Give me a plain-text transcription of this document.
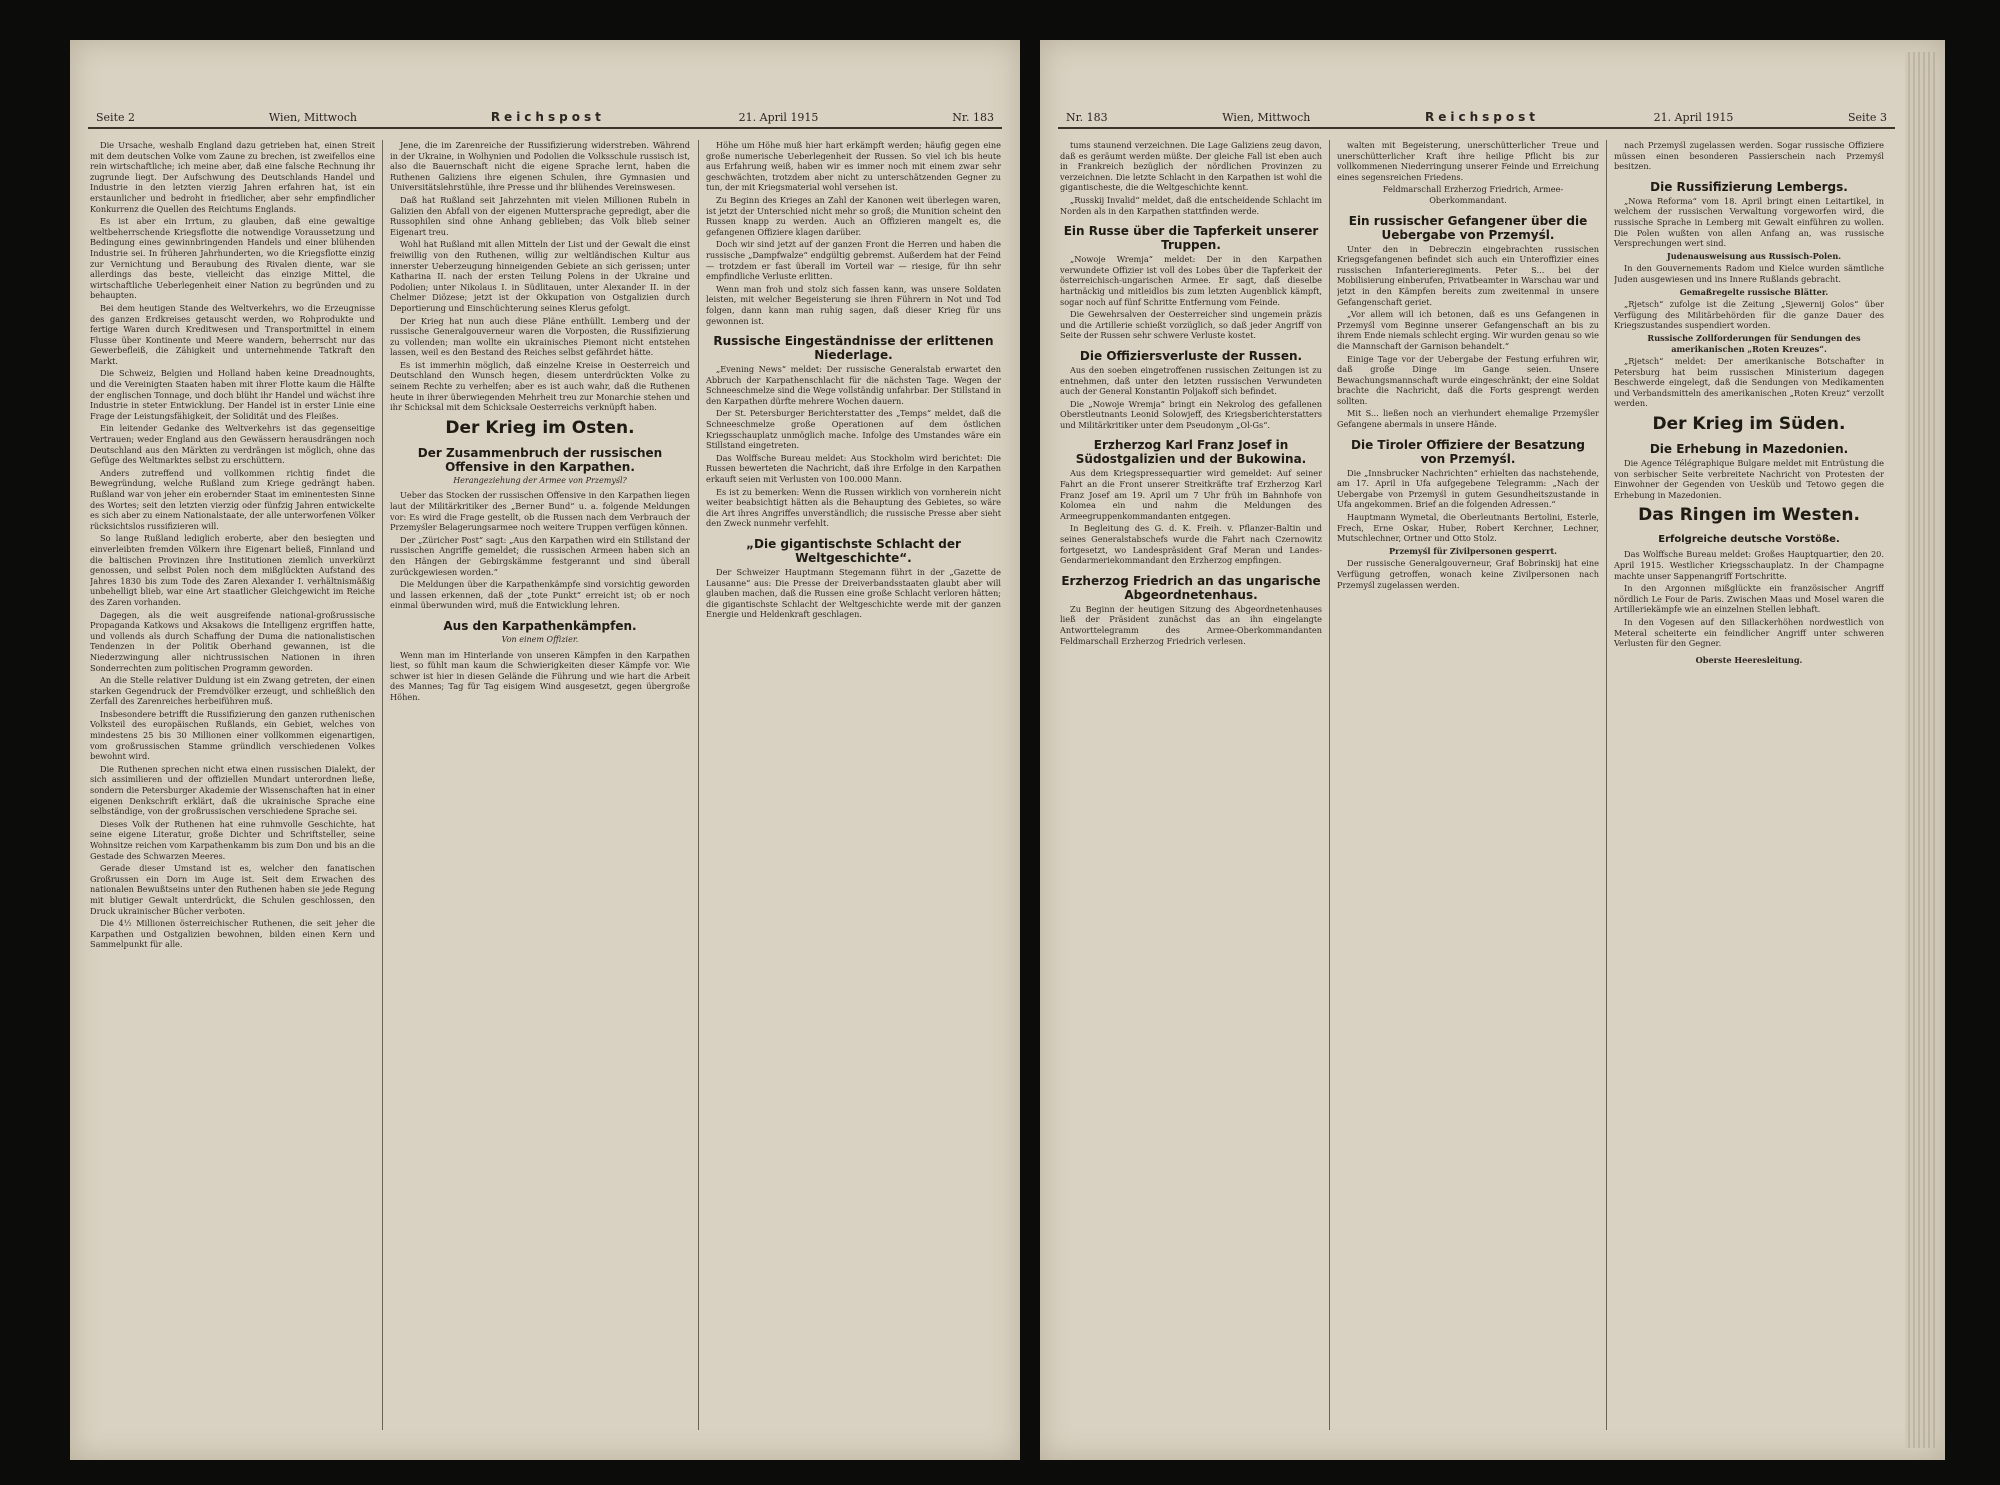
Seite 2	Wien, Mittwoch	Reichspost	21. April 1915	Nr. 183

Die Ursache, weshalb England dazu getrieben hat, einen Streit mit dem deutschen Volke vom Zaune zu brechen, ist zweifellos eine rein wirtschaftliche; ich meine aber, daß eine falsche Rechnung ihr zugrunde liegt. Der Aufschwung des Deutschlands Handel und Industrie in den letzten vierzig Jahren erfahren hat, ist ein erstaunlicher und bedroht in friedlicher, aber sehr empfindlicher Konkurrenz die Quellen des Reichtums Englands.

Es ist aber ein Irrtum, zu glauben, daß eine gewaltige weltbeherrschende Kriegsflotte die notwendige Voraussetzung und Bedingung eines gewinnbringenden Handels und einer blühenden Industrie sei. In früheren Jahrhunderten, wo die Kriegsflotte einzig zur Vernichtung und Beraubung des Rivalen diente, war sie allerdings das beste, vielleicht das einzige Mittel, die wirtschaftliche Ueberlegenheit einer Nation zu begründen und zu behaupten.

Bei dem heutigen Stande des Weltverkehrs, wo die Erzeugnisse des ganzen Erdkreises getauscht werden, wo Rohprodukte und fertige Waren durch Kreditwesen und Transportmittel in einem Flusse über Kontinente und Meere wandern, beherrscht nur das Gewerbefleiß, die Zähigkeit und unternehmende Tatkraft den Markt.

Die Schweiz, Belgien und Holland haben keine Dreadnoughts, und die Vereinigten Staaten haben mit ihrer Flotte kaum die Hälfte der englischen Tonnage, und doch blüht ihr Handel und wächst ihre Industrie in steter Entwicklung. Der Handel ist in erster Linie eine Frage der Leistungsfähigkeit, der Solidität und des Fleißes.

Ein leitender Gedanke des Weltverkehrs ist das gegenseitige Vertrauen; weder England aus den Gewässern herausdrängen noch Deutschland aus den Märkten zu verdrängen ist möglich, ohne das Gefüge des Weltmarktes selbst zu erschüttern.

Anders zutreffend und vollkommen richtig findet die Bewegründung, welche Rußland zum Kriege gedrängt haben. Rußland war von jeher ein erobernder Staat im eminentesten Sinne des Wortes; seit den letzten vierzig oder fünfzig Jahren entwickelte es sich aber zu einem Nationalstaate, der alle unterworfenen Völker rücksichtslos russifizieren will.

So lange Rußland lediglich eroberte, aber den besiegten und einverleibten fremden Völkern ihre Eigenart beließ, Finnland und die baltischen Provinzen ihre Institutionen ziemlich unverkürzt genossen, und selbst Polen noch dem mißglückten Aufstand des Jahres 1830 bis zum Tode des Zaren Alexander I. verhältnismäßig unbehelligt blieb, war eine Art staatlicher Gleichgewicht im Reiche des Zaren vorhanden.

Dagegen, als die weit ausgreifende national-großrussische Propaganda Katkows und Aksakows die Intelligenz ergriffen hatte, und vollends als durch Schaffung der Duma die nationalistischen Tendenzen in der Politik Oberhand gewannen, ist die Niederzwingung aller nichtrussischen Nationen in ihren Sonderrechten zum politischen Programm geworden.

An die Stelle relativer Duldung ist ein Zwang getreten, der einen starken Gegendruck der Fremdvölker erzeugt, und schließlich den Zerfall des Zarenreiches herbeiführen muß.

Insbesondere betrifft die Russifizierung den ganzen ruthenischen Volksteil des europäischen Rußlands, ein Gebiet, welches von mindestens 25 bis 30 Millionen einer vollkommen eigenartigen, vom großrussischen Stamme gründlich verschiedenen Volkes bewohnt wird.

Die Ruthenen sprechen nicht etwa einen russischen Dialekt, der sich assimilieren und der offiziellen Mundart unterordnen ließe, sondern die Petersburger Akademie der Wissenschaften hat in einer eigenen Denkschrift erklärt, daß die ukrainische Sprache eine selbständige, von der großrussischen verschiedene Sprache sei.

Dieses Volk der Ruthenen hat eine ruhmvolle Geschichte, hat seine eigene Literatur, große Dichter und Schriftsteller, seine Wohnsitze reichen vom Karpathenkamm bis zum Don und bis an die Gestade des Schwarzen Meeres.

Gerade dieser Umstand ist es, welcher den fanatischen Großrussen ein Dorn im Auge ist. Seit dem Erwachen des nationalen Bewußtseins unter den Ruthenen haben sie jede Regung mit blutiger Gewalt unterdrückt, die Schulen geschlossen, den Druck ukrainischer Bücher verboten.

Die 4½ Millionen österreichischer Ruthenen, die seit jeher die Karpathen und Ostgalizien bewohnen, bilden einen Kern und Sammelpunkt für alle.

Jene, die im Zarenreiche der Russifizierung widerstreben. Während in der Ukraine, in Wolhynien und Podolien die Volksschule russisch ist, also die Bauernschaft nicht die eigene Sprache lernt, haben die Ruthenen Galiziens ihre eigenen Schulen, ihre Gymnasien und Universitätslehrstühle, ihre Presse und ihr blühendes Vereinswesen.

Daß hat Rußland seit Jahrzehnten mit vielen Millionen Rubeln in Galizien den Abfall von der eigenen Muttersprache gepredigt, aber die Russophilen sind ohne Anhang geblieben; das Volk blieb seiner Eigenart treu.

Wohl hat Rußland mit allen Mitteln der List und der Gewalt die einst freiwillig von den Ruthenen, willig zur weltländischen Kultur aus innerster Ueberzeugung hinneigenden Gebiete an sich gerissen; unter Katharina II. nach der ersten Teilung Polens in der Ukraine und Podolien; unter Nikolaus I. in Südlitauen, unter Alexander II. in der Chelmer Diözese; jetzt ist der Okkupation von Ostgalizien durch Deportierung und Einschüchterung seines Klerus gefolgt.

Der Krieg hat nun auch diese Pläne enthüllt. Lemberg und der russische Generalgouverneur waren die Vorposten, die Russifizierung zu vollenden; man wollte ein ukrainisches Piemont nicht entstehen lassen, weil es den Bestand des Reiches selbst gefährdet hätte.

Es ist immerhin möglich, daß einzelne Kreise in Oesterreich und Deutschland den Wunsch hegen, diesem unterdrückten Volke zu seinem Rechte zu verhelfen; aber es ist auch wahr, daß die Ruthenen heute in ihrer überwiegenden Mehrheit treu zur Monarchie stehen und ihr Schicksal mit dem Schicksale Oesterreichs verknüpft haben.

Der Krieg im Osten.
Der Zusammenbruch der russischen Offensive in den Karpathen.
Herangeziehung der Armee von Przemyśl?

Ueber das Stocken der russischen Offensive in den Karpathen liegen laut der Militärkritiker des „Berner Bund“ u. a. folgende Meldungen vor: Es wird die Frage gestellt, ob die Russen nach dem Verbrauch der Przemyśler Belagerungsarmee noch weitere Truppen verfügen können.

Der „Züricher Post“ sagt: „Aus den Karpathen wird ein Stillstand der russischen Angriffe gemeldet; die russischen Armeen haben sich an den Hängen der Gebirgskämme festgerannt und sind überall zurückgewiesen worden.“

Die Meldungen über die Karpathenkämpfe sind vorsichtig geworden und lassen erkennen, daß der „tote Punkt“ erreicht ist; ob er noch einmal überwunden wird, muß die Entwicklung lehren.

Aus den Karpathenkämpfen.
Von einem Offizier.

Wenn man im Hinterlande von unseren Kämpfen in den Karpathen liest, so fühlt man kaum die Schwierigkeiten dieser Kämpfe vor. Wie schwer ist hier in diesen Gelände die Führung und wie hart die Arbeit des Mannes; Tag für Tag eisigem Wind ausgesetzt, gegen übergroße Höhen.

Höhe um Höhe muß hier hart erkämpft werden; häufig gegen eine große numerische Ueberlegenheit der Russen. So viel ich bis heute aus Erfahrung weiß, haben wir es immer noch mit einem zwar sehr geschwächten, trotzdem aber nicht zu unterschätzenden Gegner zu tun, der mit Kriegsmaterial wohl versehen ist.

Zu Beginn des Krieges an Zahl der Kanonen weit überlegen waren, ist jetzt der Unterschied nicht mehr so groß; die Munition scheint den Russen knapp zu werden. Auch an Offizieren mangelt es, die gefangenen Offiziere klagen darüber.

Doch wir sind jetzt auf der ganzen Front die Herren und haben die russische „Dampfwalze“ endgültig gebremst. Außerdem hat der Feind — trotzdem er fast überall im Vorteil war — riesige, für ihn sehr empfindliche Verluste erlitten.

Wenn man froh und stolz sich fassen kann, was unsere Soldaten leisten, mit welcher Begeisterung sie ihren Führern in Not und Tod folgen, dann kann man ruhig sagen, daß dieser Krieg für uns gewonnen ist.

Russische Eingeständnisse der erlittenen Niederlage.

„Evening News“ meldet: Der russische Generalstab erwartet den Abbruch der Karpathenschlacht für die nächsten Tage. Wegen der Schneeschmelze sind die Wege vollständig unfahrbar. Der Stillstand in den Karpathen dürfte mehrere Wochen dauern.

Der St. Petersburger Berichterstatter des „Temps“ meldet, daß die Schneeschmelze große Operationen auf dem östlichen Kriegsschauplatz unmöglich mache. Infolge des Umstandes wäre ein Stillstand eingetreten.

Das Wolffsche Bureau meldet: Aus Stockholm wird berichtet: Die Russen bewerteten die Nachricht, daß ihre Erfolge in den Karpathen erkauft seien mit Verlusten von 100.000 Mann.

Es ist zu bemerken: Wenn die Russen wirklich von vornherein nicht weiter beabsichtigt hätten als die Behauptung des Gebietes, so wäre die Art ihres Angriffes unverständlich; die russische Presse aber sieht den Zweck nunmehr verfehlt.

„Die gigantischste Schlacht der Weltgeschichte“.

Der Schweizer Hauptmann Stegemann führt in der „Gazette de Lausanne“ aus: Die Presse der Dreiverbandsstaaten glaubt aber will glauben machen, daß die Russen eine große Schlacht verloren hätten; die gigantischste Schlacht der Weltgeschichte werde mit der ganzen Energie und Heldenkraft geschlagen.

Nr. 183	Wien, Mittwoch	Reichspost	21. April 1915	Seite 3

tums staunend verzeichnen. Die Lage Galiziens zeug davon, daß es geräumt werden müßte. Der gleiche Fall ist eben auch in Frankreich bezüglich der nördlichen Provinzen zu verzeichnen. Die letzte Schlacht in den Karpathen ist wohl die gigantischeste, die die Weltgeschichte kennt.

„Russkij Invalid“ meldet, daß die entscheidende Schlacht im Norden als in den Karpathen stattfinden werde.

Ein Russe über die Tapferkeit unserer Truppen.

„Nowoje Wremja“ meldet: Der in den Karpathen verwundete Offizier ist voll des Lobes über die Tapferkeit der österreichisch-ungarischen Armee. Er sagt, daß dieselbe hartnäckig und mitleidlos bis zum letzten Augenblick kämpft, sogar noch auf fünf Schritte Entfernung vom Feinde.

Die Gewehrsalven der Oesterreicher sind ungemein präzis und die Artillerie schießt vorzüglich, so daß jeder Angriff von Seite der Russen sehr schwere Verluste kostet.

Die Offiziersverluste der Russen.

Aus den soeben eingetroffenen russischen Zeitungen ist zu entnehmen, daß unter den letzten russischen Verwundeten auch der General Konstantin Poljakoff sich befindet.

Die „Nowoje Wremja“ bringt ein Nekrolog des gefallenen Oberstleutnants Leonid Solowjeff, des Kriegsberichterstatters und Militärkritiker unter dem Pseudonym „Ol-Gs“.

Erzherzog Karl Franz Josef in Südostgalizien und der Bukowina.

Aus dem Kriegspressequartier wird gemeldet: Auf seiner Fahrt an die Front unserer Streitkräfte traf Erzherzog Karl Franz Josef am 19. April um 7 Uhr früh im Bahnhofe von Kolomea ein und nahm die Meldungen des Armeegruppenkommandanten entgegen.

In Begleitung des G. d. K. Freih. v. Pflanzer-Baltin und seines Generalstabschefs wurde die Fahrt nach Czernowitz fortgesetzt, wo Landespräsident Graf Meran und Landes-Gendarmeriekommandant den Erzherzog empfingen.

Erzherzog Friedrich an das ungarische Abgeordnetenhaus.

Zu Beginn der heutigen Sitzung des Abgeordnetenhauses ließ der Präsident zunächst das an ihn eingelangte Antworttelegramm des Armee-Oberkommandanten Feldmarschall Erzherzog Friedrich verlesen.

walten mit Begeisterung, unerschütterlicher Treue und unerschütterlicher Kraft ihre heilige Pflicht bis zur vollkommenen Niederringung unserer Feinde und Erreichung eines segensreichen Friedens.

Feldmarschall Erzherzog Friedrich, Armee-Oberkommandant.

Ein russischer Gefangener über die Uebergabe von Przemyśl.

Unter den in Debreczin eingebrachten russischen Kriegsgefangenen befindet sich auch ein Unteroffizier eines russischen Infanterieregiments. Peter S... bei der Mobilisierung einberufen, Privatbeamter in Warschau war und jetzt in den Kämpfen bereits zum zweitenmal in unsere Gefangenschaft geriet.

„Vor allem will ich betonen, daß es uns Gefangenen in Przemyśl vom Beginne unserer Gefangenschaft an bis zu ihrem Ende niemals schlecht erging. Wir wurden genau so wie die Mannschaft der Garnison behandelt.“

Einige Tage vor der Uebergabe der Festung erfuhren wir, daß große Dinge im Gange seien. Unsere Bewachungsmannschaft wurde eingeschränkt; der eine Soldat brachte die Nachricht, daß die Forts gesprengt werden sollten.

Mit S... ließen noch an vierhundert ehemalige Przemyśler Gefangene abermals in unsere Hände.

Die Tiroler Offiziere der Besatzung von Przemyśl.

Die „Innsbrucker Nachrichten“ erhielten das nachstehende, am 17. April in Ufa aufgegebene Telegramm: „Nach der Uebergabe von Przemyśl in gutem Gesundheitszustande in Ufa angekommen. Brief an die folgenden Adressen.“

Hauptmann Wymetal, die Oberleutnants Bertolini, Esterle, Frech, Erne Oskar, Huber, Robert Kerchner, Lechner, Mutschlechner, Ortner und Otto Stolz.

Przemyśl für Zivilpersonen gesperrt.

Der russische Generalgouverneur, Graf Bobrinskij hat eine Verfügung getroffen, wonach keine Zivilpersonen nach Przemyśl zugelassen werden.

nach Przemyśl zugelassen werden. Sogar russische Offiziere müssen einen besonderen Passierschein nach Przemyśl besitzen.

Die Russifizierung Lembergs.

„Nowa Reforma“ vom 18. April bringt einen Leitartikel, in welchem der russischen Verwaltung vorgeworfen wird, die russische Sprache in Lemberg mit Gewalt einführen zu wollen. Die Polen wußten von allen Anfang an, was russische Versprechungen wert sind.

Judenausweisung aus Russisch-Polen.

In den Gouvernements Radom und Kielce wurden sämtliche Juden ausgewiesen und ins Innere Rußlands gebracht.

Gemaßregelte russische Blätter.

„Rjetsch“ zufolge ist die Zeitung „Sjewernij Golos“ über Verfügung des Militärbehörden für die ganze Dauer des Kriegszustandes suspendiert worden.

Russische Zollforderungen für Sendungen des amerikanischen „Roten Kreuzes“.

„Rjetsch“ meldet: Der amerikanische Botschafter in Petersburg hat beim russischen Ministerium dagegen Beschwerde eingelegt, daß die Sendungen von Medikamenten und Verbandsmitteln des amerikanischen „Roten Kreuz“ verzollt werden.

Der Krieg im Süden.
Die Erhebung in Mazedonien.

Die Agence Télégraphique Bulgare meldet mit Entrüstung die von serbischer Seite verbreitete Nachricht von Protesten der Einwohner der Gegenden von Uesküb und Tetowo gegen die Erhebung in Mazedonien.

Das Ringen im Westen.
Erfolgreiche deutsche Vorstöße.

Das Wolffsche Bureau meldet: Großes Hauptquartier, den 20. April 1915. Westlicher Kriegsschauplatz. In der Champagne machte unser Sappenangriff Fortschritte.

In den Argonnen mißglückte ein französischer Angriff nördlich Le Four de Paris. Zwischen Maas und Mosel waren die Artilleriekämpfe wie an einzelnen Stellen lebhaft.

In den Vogesen auf den Sillackerhöhen nordwestlich von Meteral scheiterte ein feindlicher Angriff unter schweren Verlusten für den Gegner.

Oberste Heeresleitung.
